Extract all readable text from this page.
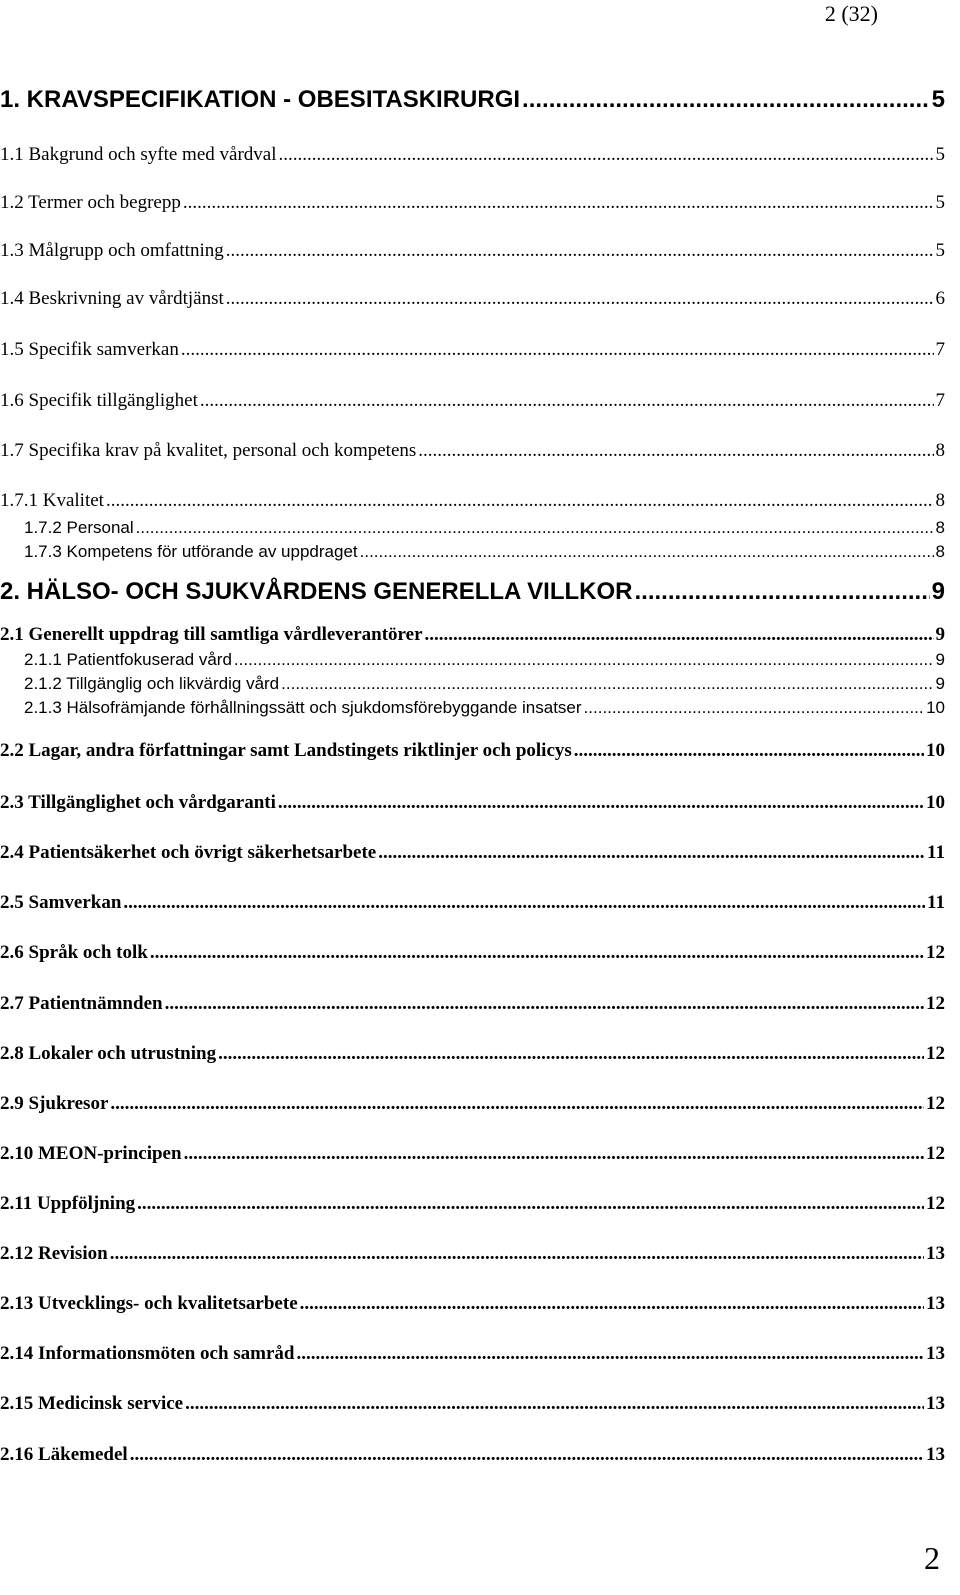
2 (32)
1. KRAVSPECIFIKATION - OBESITASKIRURGI .....	5
1.1 Bakgrund och syfte med vårdval .....	5
1.2 Termer och begrepp .....	5
1.3 Målgrupp och omfattning .....	5
1.4 Beskrivning av vårdtjänst .....	6
1.5 Specifik samverkan .....	7
1.6 Specifik tillgänglighet .....	7
1.7 Specifika krav på kvalitet, personal och kompetens .....	8
1.7.1 Kvalitet .....	8
1.7.2 Personal .....	8
1.7.3 Kompetens för utförande av uppdraget .....	8
2. HÄLSO- OCH SJUKVÅRDENS GENERELLA VILLKOR .....	9
2.1 Generellt uppdrag till samtliga vårdleverantörer .....	9
2.1.1 Patientfokuserad vård .....	9
2.1.2 Tillgänglig och likvärdig vård .....	9
2.1.3 Hälsofrämjande förhållningssätt och sjukdomsförebyggande insatser .....	10
2.2 Lagar, andra författningar samt Landstingets riktlinjer och policys .....	10
2.3 Tillgänglighet och vårdgaranti .....	10
2.4 Patientsäkerhet och övrigt säkerhetsarbete .....	11
2.5 Samverkan .....	11
2.6 Språk och tolk .....	12
2.7 Patientnämnden .....	12
2.8 Lokaler och utrustning .....	12
2.9 Sjukresor .....	12
2.10 MEON-principen .....	12
2.11 Uppföljning .....	12
2.12 Revision .....	13
2.13 Utvecklings- och kvalitetsarbete .....	13
2.14 Informationsmöten och samråd .....	13
2.15 Medicinsk service .....	13
2.16 Läkemedel .....	13
2
